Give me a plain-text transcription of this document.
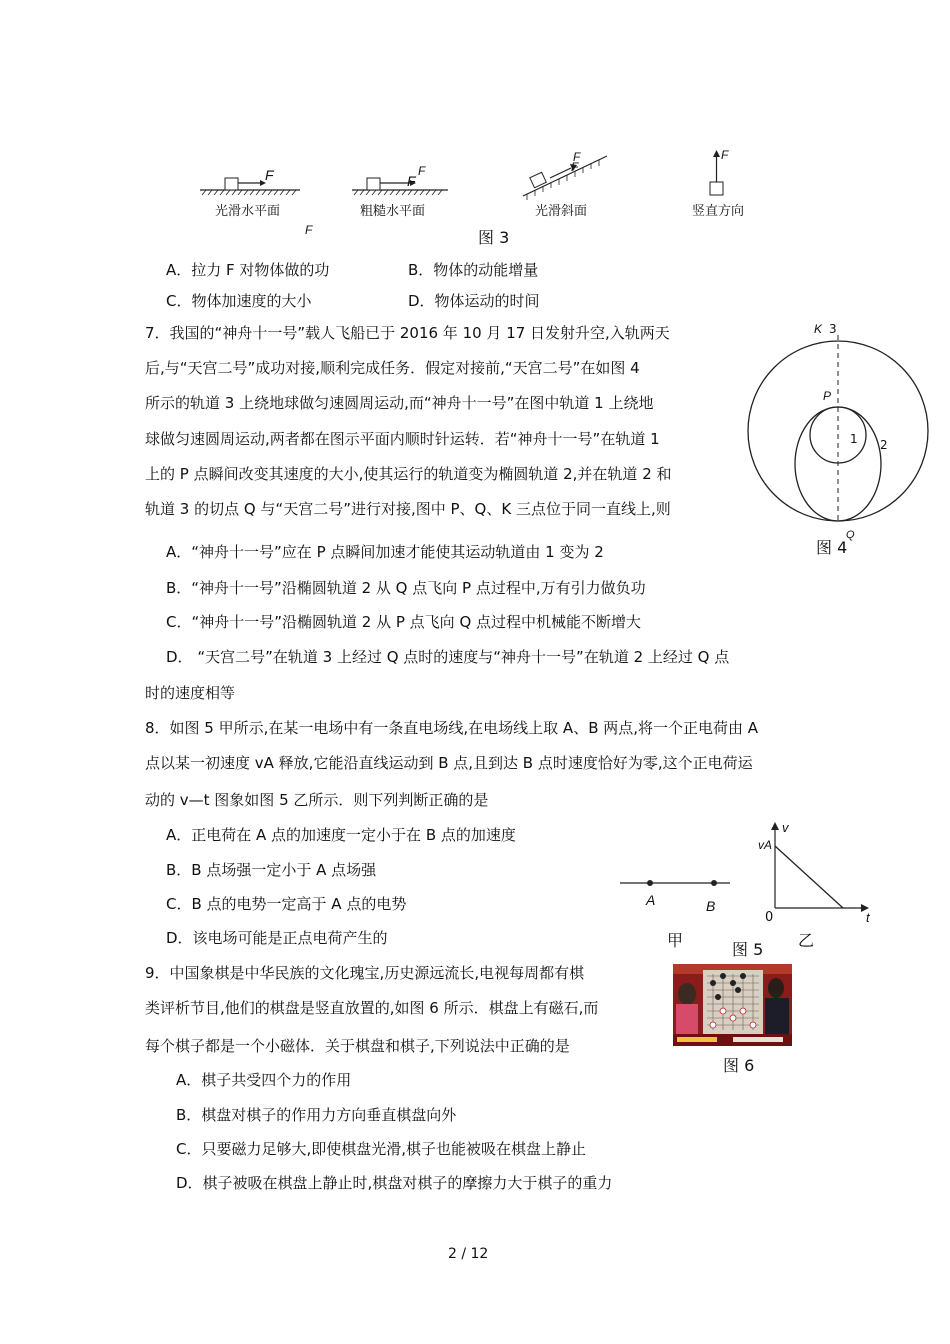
F
光滑水平面
F
F
粗糙水平面
F
F
光滑斜面
F
竖直方向
F	图 3
A．拉力 F 对物体做的功	B．物体的动能增量
C．物体加速度的大小	D．物体运动的时间
7．我国的“神舟十一号”载人飞船已于 2016 年 10 月 17 日发射升空,入轨两天
后,与“天宫二号”成功对接,顺利完成任务．假定对接前,“天宫二号”在如图 4
所示的轨道 3 上绕地球做匀速圆周运动,而“神舟十一号”在图中轨道 1 上绕地
球做匀速圆周运动,两者都在图示平面内顺时针运转．若“神舟十一号”在轨道 1
上的 P 点瞬间改变其速度的大小,使其运行的轨道变为椭圆轨道 2,并在轨道 2 和
轨道 3 的切点 Q 与“天宫二号”进行对接,图中 P、Q、K 三点位于同一直线上,则
A．“神舟十一号”应在 P 点瞬间加速才能使其运动轨道由 1 变为 2
B．“神舟十一号”沿椭圆轨道 2 从 Q 点飞向 P 点过程中,万有引力做负功
C．“神舟十一号”沿椭圆轨道 2 从 P 点飞向 Q 点过程中机械能不断增大
D． “天宫二号”在轨道 3 上经过 Q 点时的速度与“神舟十一号”在轨道 2 上经过 Q 点
时的速度相等
K 3
P
1 2
图 4
Q
8．如图 5 甲所示,在某一电场中有一条直电场线,在电场线上取 A、B 两点,将一个正电荷由 A
点以某一初速度 vA 释放,它能沿直线运动到 B 点,且到达 B 点时速度恰好为零,这个正电荷运
动的 v—t 图象如图 5 乙所示．则下列判断正确的是
A．正电荷在 A 点的加速度一定小于在 B 点的加速度
B．B 点场强一定小于 A 点场强
C．B 点的电势一定高于 A 点的电势
D．该电场可能是正点电荷产生的
A	B
甲
v
vA
0	t
图 5 乙
9．中国象棋是中华民族的文化瑰宝,历史源远流长,电视每周都有棋
类评析节目,他们的棋盘是竖直放置的,如图 6 所示．棋盘上有磁石,而
每个棋子都是一个小磁体．关于棋盘和棋子,下列说法中正确的是
A．棋子共受四个力的作用
B．棋盘对棋子的作用力方向垂直棋盘向外
C．只要磁力足够大,即使棋盘光滑,棋子也能被吸在棋盘上静止
D．棋子被吸在棋盘上静止时,棋盘对棋子的摩擦力大于棋子的重力
图 6
2 / 12
